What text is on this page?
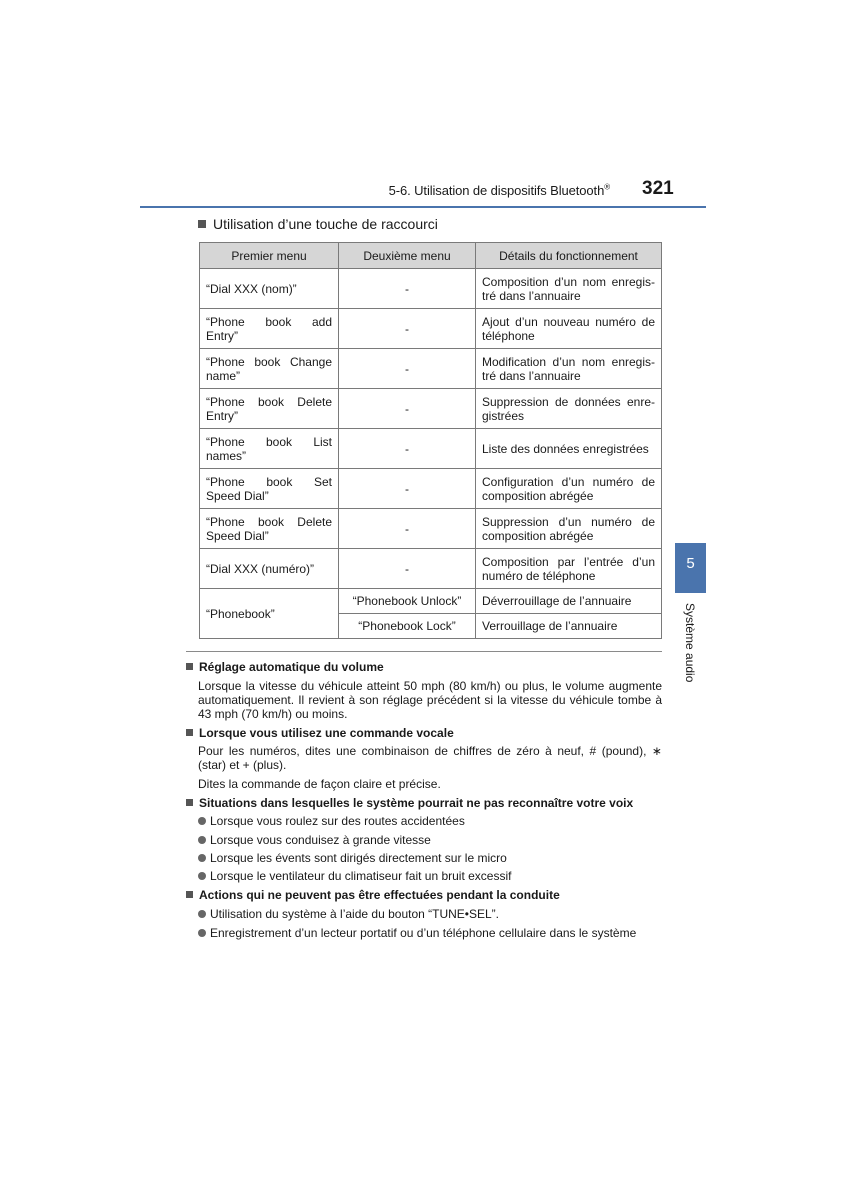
5-6. Utilisation de dispositifs Bluetooth® 321
5
Système audio
Utilisation d’une touche de raccourci
Premier menu	Deuxième menu	Détails du fonctionnement
“Dial XXX (nom)”	-	Composition d’un nom enregis-tré dans l’annuaire
“Phone book add Entry”	-	Ajout d’un nouveau numéro de téléphone
“Phone book Change name”	-	Modification d’un nom enregis-tré dans l’annuaire
“Phone book Delete Entry”	-	Suppression de données enre-gistrées
“Phone book List names”	-	Liste des données enregistrées
“Phone book Set Speed Dial”	-	Configuration d’un numéro de composition abrégée
“Phone book Delete Speed Dial”	-	Suppression d’un numéro de composition abrégée
“Dial XXX (numéro)”	-	Composition par l’entrée d’un numéro de téléphone
“Phonebook”	“Phonebook Unlock”	Déverrouillage de l’annuaire
	“Phonebook Lock”	Verrouillage de l’annuaire
Réglage automatique du volume
Lorsque la vitesse du véhicule atteint 50 mph (80 km/h) ou plus, le volume augmente automatiquement. Il revient à son réglage précédent si la vitesse du véhicule tombe à 43 mph (70 km/h) ou moins.
Lorsque vous utilisez une commande vocale
Pour les numéros, dites une combinaison de chiffres de zéro à neuf, # (pound), ∗ (star) et + (plus).
Dites la commande de façon claire et précise.
Situations dans lesquelles le système pourrait ne pas reconnaître votre voix
Lorsque vous roulez sur des routes accidentées
Lorsque vous conduisez à grande vitesse
Lorsque les évents sont dirigés directement sur le micro
Lorsque le ventilateur du climatiseur fait un bruit excessif
Actions qui ne peuvent pas être effectuées pendant la conduite
Utilisation du système à l’aide du bouton “TUNE•SEL”.
Enregistrement d’un lecteur portatif ou d’un téléphone cellulaire dans le système
